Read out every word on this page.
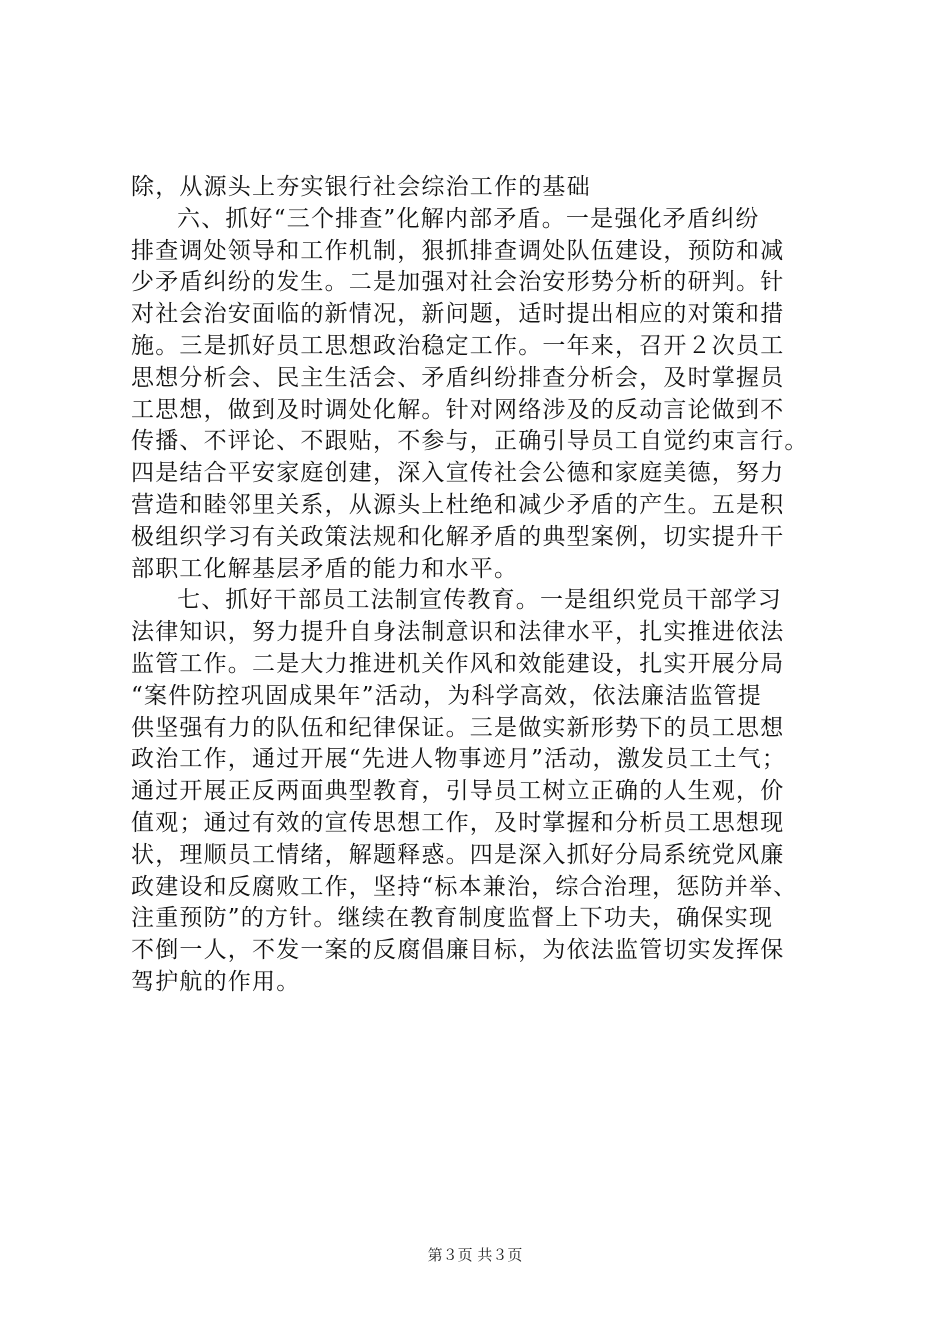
除，从源头上夯实银行社会综治工作的基础
六、抓好“三个排查”化解内部矛盾。一是强化矛盾纠纷
排查调处领导和工作机制，狠抓排查调处队伍建设，预防和减
少矛盾纠纷的发生。二是加强对社会治安形势分析的研判。针
对社会治安面临的新情况，新问题，适时提出相应的对策和措
施。三是抓好员工思想政治稳定工作。一年来，召开２次员工
思想分析会、民主生活会、矛盾纠纷排查分析会，及时掌握员
工思想，做到及时调处化解。针对网络涉及的反动言论做到不
传播、不评论、不跟贴，不参与，正确引导员工自觉约束言行。
四是结合平安家庭创建，深入宣传社会公德和家庭美德，努力
营造和睦邻里关系，从源头上杜绝和减少矛盾的产生。五是积
极组织学习有关政策法规和化解矛盾的典型案例，切实提升干
部职工化解基层矛盾的能力和水平。
七、抓好干部员工法制宣传教育。一是组织党员干部学习
法律知识，努力提升自身法制意识和法律水平，扎实推进依法
监管工作。二是大力推进机关作风和效能建设，扎实开展分局
“案件防控巩固成果年”活动，为科学高效，依法廉洁监管提
供坚强有力的队伍和纪律保证。三是做实新形势下的员工思想
政治工作，通过开展“先进人物事迹月”活动，激发员工土气；
通过开展正反两面典型教育，引导员工树立正确的人生观，价
值观；通过有效的宣传思想工作，及时掌握和分析员工思想现
状，理顺员工情绪，解题释惑。四是深入抓好分局系统党风廉
政建设和反腐败工作，坚持“标本兼治，综合治理，惩防并举、
注重预防”的方针。继续在教育制度监督上下功夫，确保实现
不倒一人，不发一案的反腐倡廉目标，为依法监管切实发挥保
驾护航的作用。
第３页 共３页
